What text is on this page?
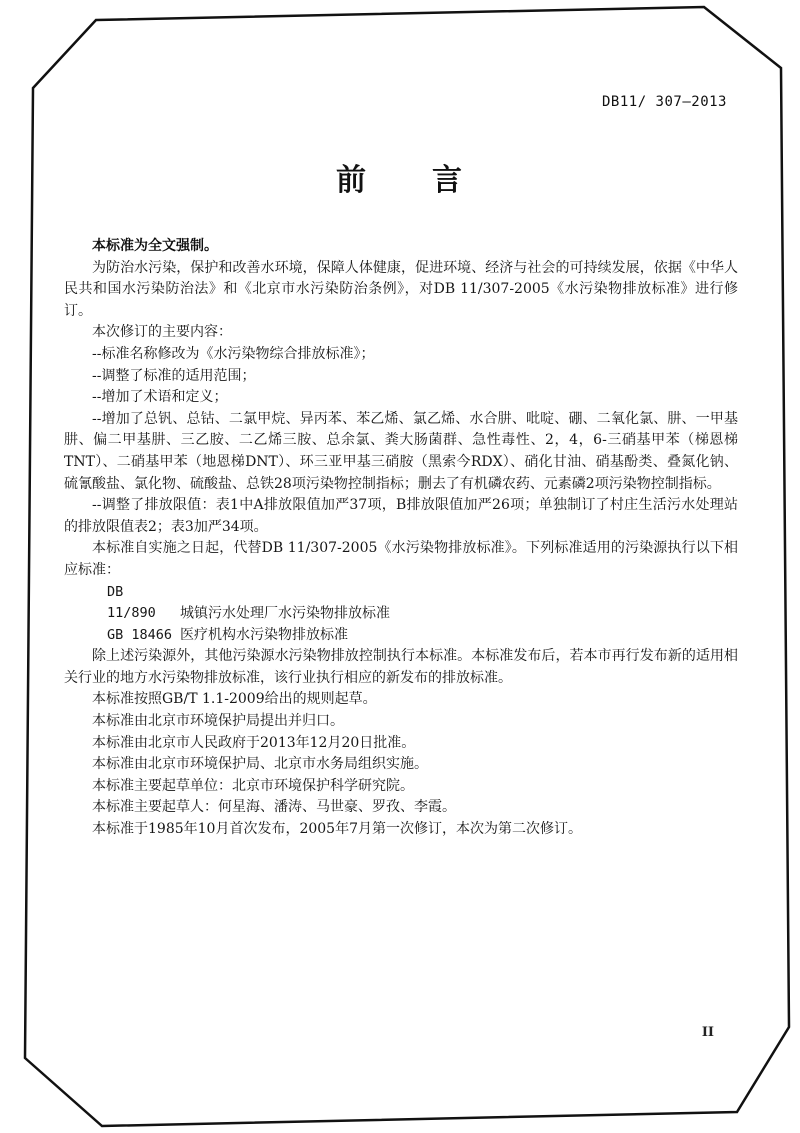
DB11/ 307—2013
前　　言

本标准为全文强制。

为防治水污染，保护和改善水环境，保障人体健康，促进环境、经济与社会的可持续发展，依据《中华人民共和国水污染防治法》和《北京市水污染防治条例》，对DB 11/307-2005《水污染物排放标准》进行修订。

本次修订的主要内容：

--标准名称修改为《水污染物综合排放标准》；

--调整了标准的适用范围；

--增加了术语和定义；

--增加了总钒、总钴、二氯甲烷、异丙苯、苯乙烯、氯乙烯、水合肼、吡啶、硼、二氧化氯、肼、一甲基肼、偏二甲基肼、三乙胺、二乙烯三胺、总余氯、粪大肠菌群、急性毒性、2，4，6-三硝基甲苯（梯恩梯TNT）、二硝基甲苯（地恩梯DNT）、环三亚甲基三硝胺（黑索今RDX）、硝化甘油、硝基酚类、叠氮化钠、硫氰酸盐、氯化物、硫酸盐、总铁28项污染物控制指标；删去了有机磷农药、元素磷2项污染物控制指标。

--调整了排放限值：表1中A排放限值加严37项，B排放限值加严26项；单独制订了村庄生活污水处理站的排放限值表2；表3加严34项。

本标准自实施之日起，代替DB 11/307-2005《水污染物排放标准》。下列标准适用的污染源执行以下相应标准：

DB 11/890 城镇污水处理厂水污染物排放标准

GB 18466 医疗机构水污染物排放标准

除上述污染源外，其他污染源水污染物排放控制执行本标准。本标准发布后，若本市再行发布新的适用相关行业的地方水污染物排放标准，该行业执行相应的新发布的排放标准。

本标准按照GB/T 1.1-2009给出的规则起草。

本标准由北京市环境保护局提出并归口。

本标准由北京市人民政府于2013年12月20日批准。

本标准由北京市环境保护局、北京市水务局组织实施。

本标准主要起草单位：北京市环境保护科学研究院。

本标准主要起草人：何星海、潘涛、马世豪、罗孜、李霞。

本标准于1985年10月首次发布，2005年7月第一次修订，本次为第二次修订。

II
